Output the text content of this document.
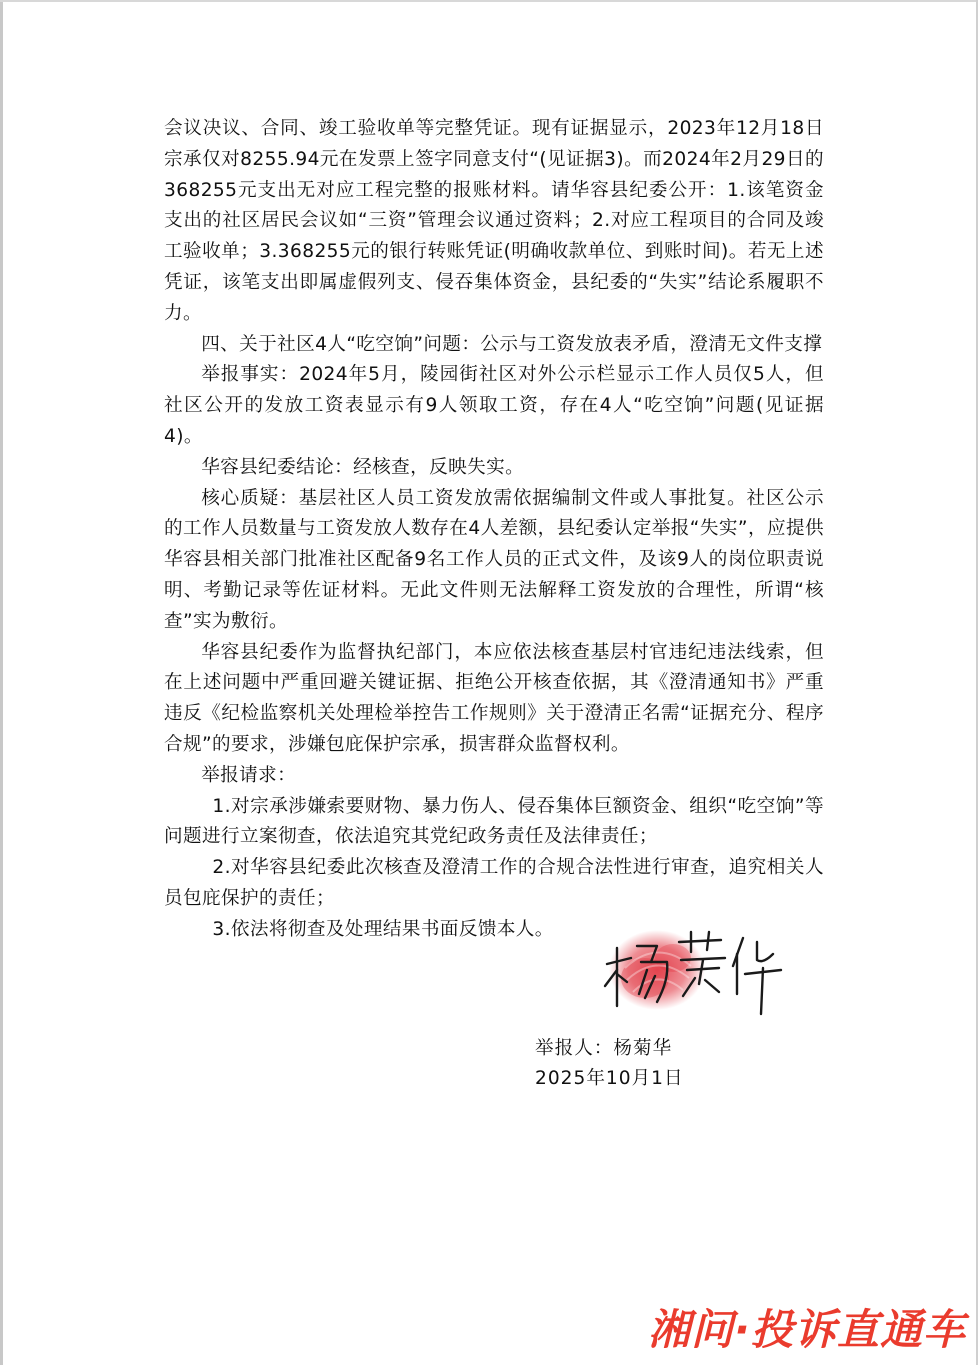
会议决议、合同、竣工验收单等完整凭证。现有证据显示，2023年12月18日宗承仅对8255.94元在发票上签字同意支付“(见证据3)。而2024年2月29日的368255元支出无对应工程完整的报账材料。请华容县纪委公开：1.该笔资金支出的社区居民会议如“三资”管理会议通过资料；2.对应工程项目的合同及竣工验收单；3.368255元的银行转账凭证(明确收款单位、到账时间)。若无上述凭证，该笔支出即属虚假列支、侵吞集体资金，县纪委的“失实”结论系履职不力。

四、关于社区4人“吃空饷”问题：公示与工资发放表矛盾，澄清无文件支撑

举报事实：2024年5月，陵园街社区对外公示栏显示工作人员仅5人，但社区公开的发放工资表显示有9人领取工资，存在4人“吃空饷”问题(见证据4)。

华容县纪委结论：经核查，反映失实。

核心质疑：基层社区人员工资发放需依据编制文件或人事批复。社区公示的工作人员数量与工资发放人数存在4人差额，县纪委认定举报“失实”，应提供华容县相关部门批准社区配备9名工作人员的正式文件，及该9人的岗位职责说明、考勤记录等佐证材料。无此文件则无法解释工资发放的合理性，所谓“核查”实为敷衍。

华容县纪委作为监督执纪部门，本应依法核查基层村官违纪违法线索，但在上述问题中严重回避关键证据、拒绝公开核查依据，其《澄清通知书》严重违反《纪检监察机关处理检举控告工作规则》关于澄清正名需“证据充分、程序合规”的要求，涉嫌包庇保护宗承，损害群众监督权利。

举报请求：

1.对宗承涉嫌索要财物、暴力伤人、侵吞集体巨额资金、组织“吃空饷”等问题进行立案彻查，依法追究其党纪政务责任及法律责任；

2.对华容县纪委此次核查及澄清工作的合规合法性进行审查，追究相关人员包庇保护的责任；

3.依法将彻查及处理结果书面反馈本人。

举报人：杨菊华
2025年10月1日
湘问·投诉直通车
